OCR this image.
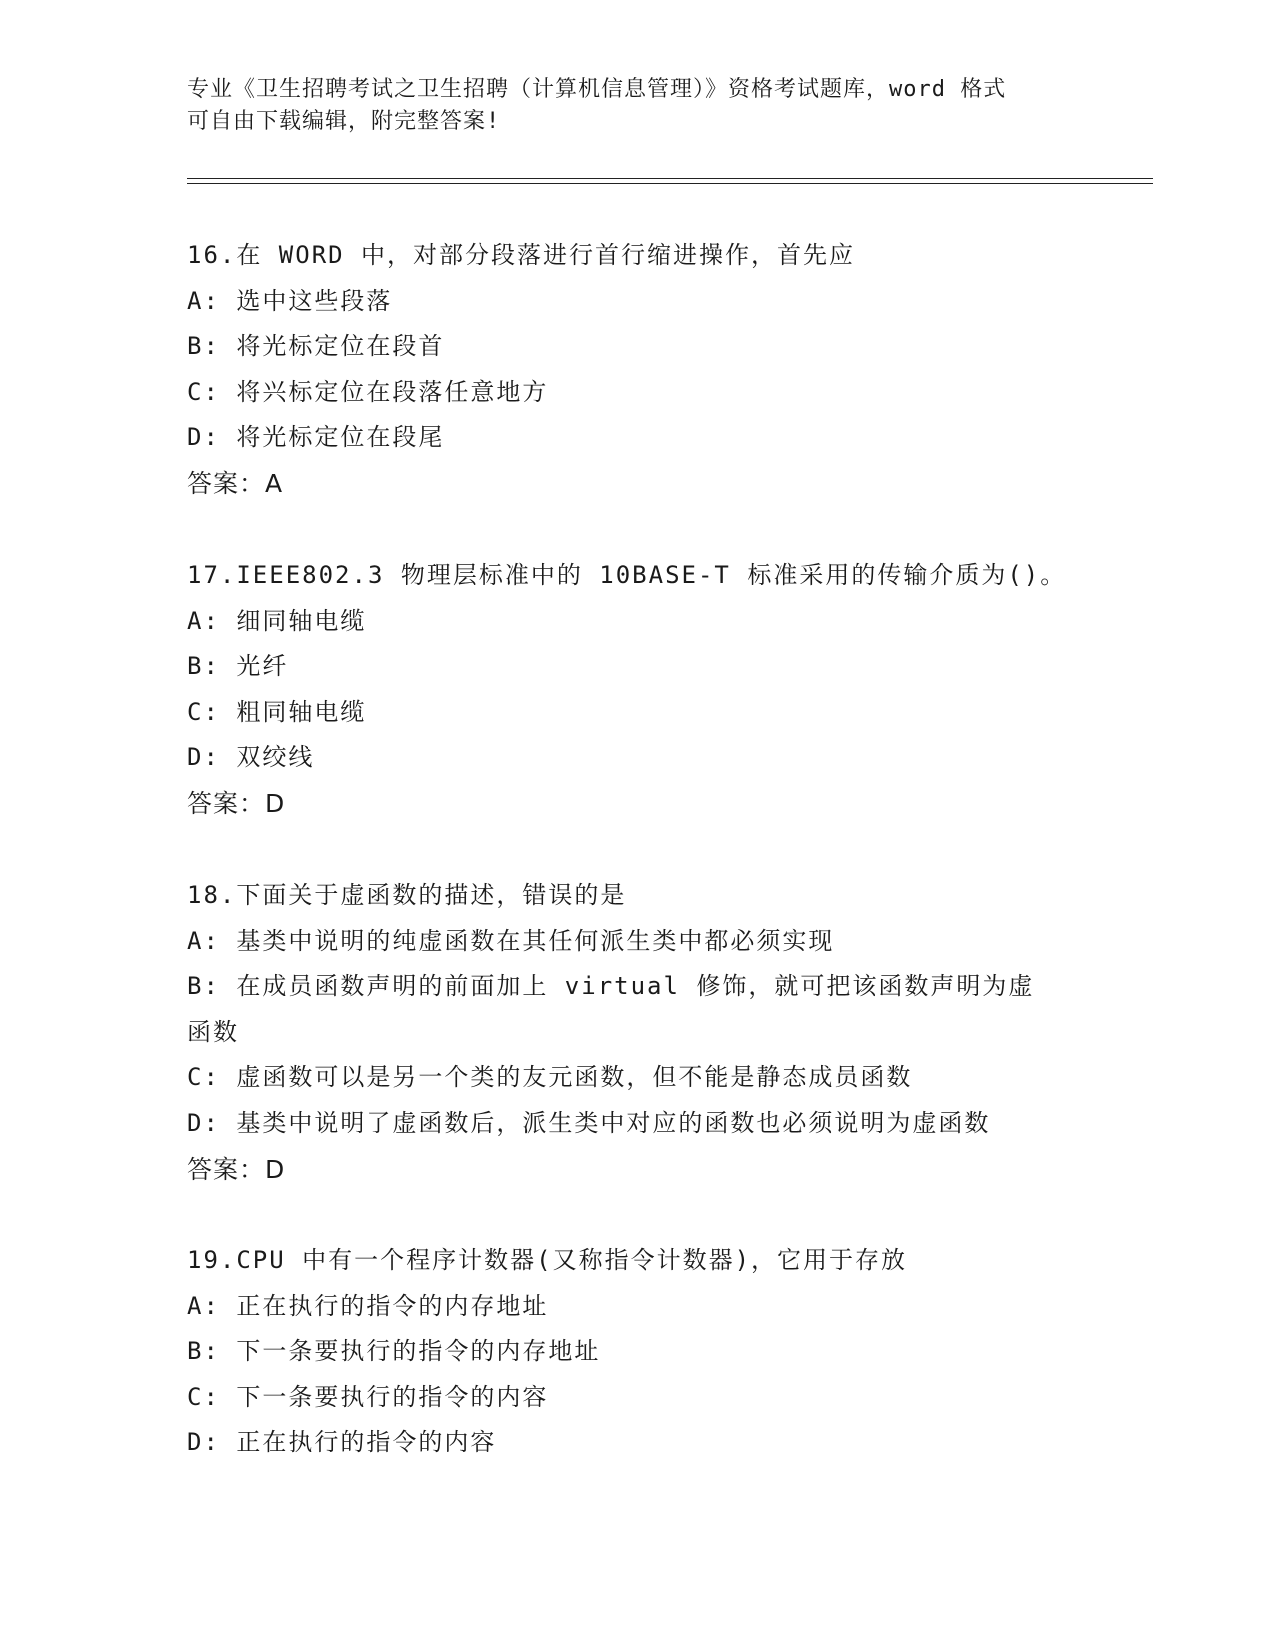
专业《卫生招聘考试之卫生招聘（计算机信息管理）》资格考试题库，word 格式
可自由下载编辑，附完整答案!
16.在 WORD 中，对部分段落进行首行缩进操作，首先应
A: 选中这些段落
B: 将光标定位在段首
C: 将兴标定位在段落任意地方
D: 将光标定位在段尾
答案：A
17.IEEE802.3 物理层标准中的 10BASE-T 标准采用的传输介质为()。
A: 细同轴电缆
B: 光纤
C: 粗同轴电缆
D: 双绞线
答案：D
18.下面关于虚函数的描述，错误的是
A: 基类中说明的纯虚函数在其任何派生类中都必须实现
B: 在成员函数声明的前面加上 virtual 修饰，就可把该函数声明为虚
函数
C: 虚函数可以是另一个类的友元函数，但不能是静态成员函数
D: 基类中说明了虚函数后，派生类中对应的函数也必须说明为虚函数
答案：D
19.CPU 中有一个程序计数器(又称指令计数器)，它用于存放
A: 正在执行的指令的内存地址
B: 下一条要执行的指令的内存地址
C: 下一条要执行的指令的内容
D: 正在执行的指令的内容
